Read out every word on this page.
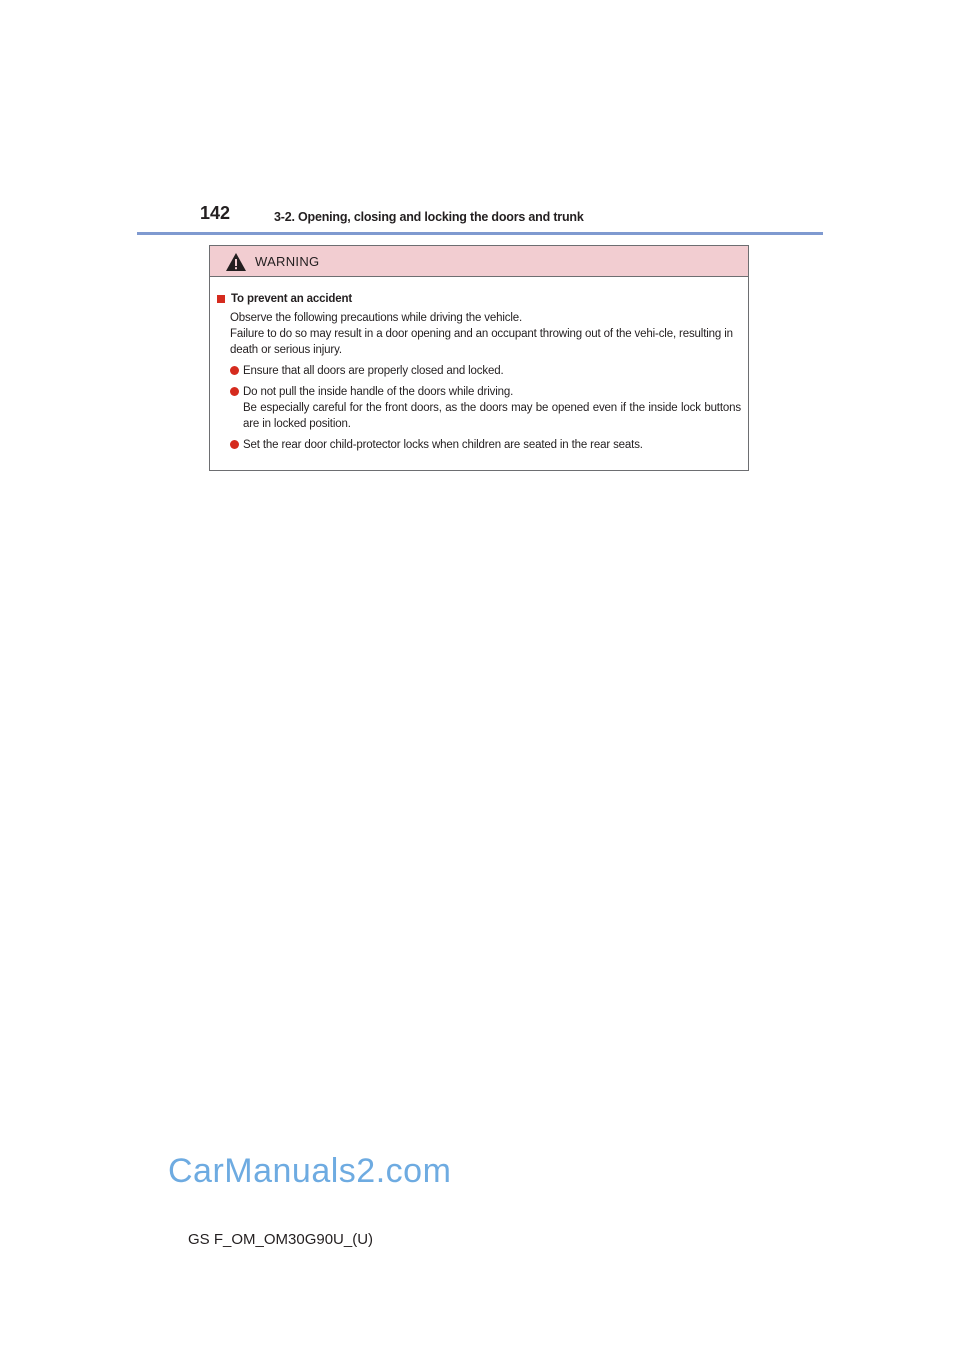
142	3-2. Opening, closing and locking the doors and trunk
WARNING
To prevent an accident
Observe the following precautions while driving the vehicle.
Failure to do so may result in a door opening and an occupant throwing out of the vehi-cle, resulting in death or serious injury.
Ensure that all doors are properly closed and locked.
Do not pull the inside handle of the doors while driving.
Be especially careful for the front doors, as the doors may be opened even if the inside lock buttons are in locked position.
Set the rear door child-protector locks when children are seated in the rear seats.
CarManuals2.com
GS F_OM_OM30G90U_(U)
